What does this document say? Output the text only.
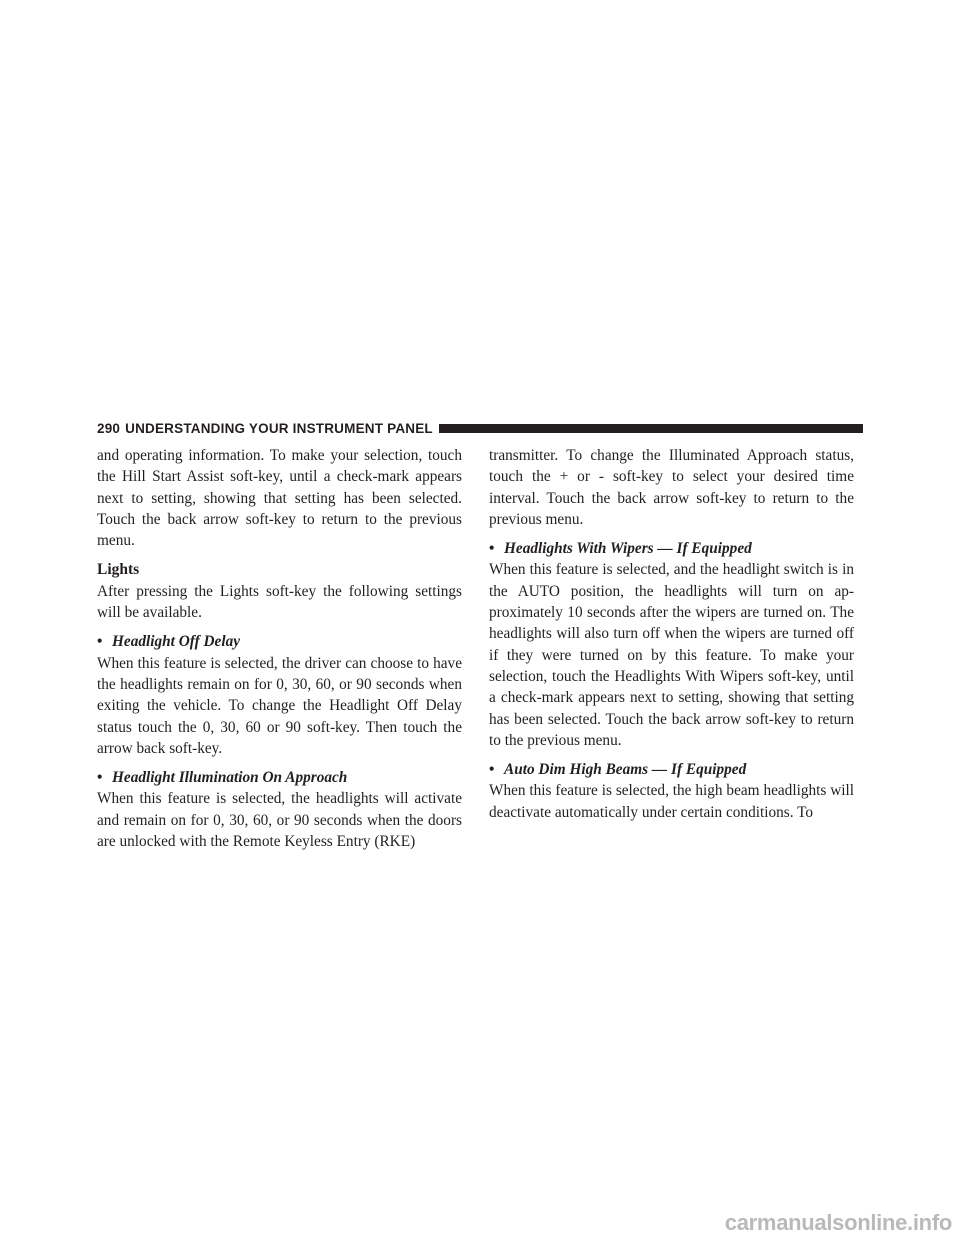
290 UNDERSTANDING YOUR INSTRUMENT PANEL

and operating information. To make your selection, touch the Hill Start Assist soft-key, until a check-mark appears next to setting, showing that setting has been selected. Touch the back arrow soft-key to return to the previous menu.

Lights

After pressing the Lights soft-key the following settings will be available.

• Headlight Off Delay

When this feature is selected, the driver can choose to have the headlights remain on for 0, 30, 60, or 90 seconds when exiting the vehicle. To change the Headlight Off Delay status touch the 0, 30, 60 or 90 soft-key. Then touch the arrow back soft-key.

• Headlight Illumination On Approach

When this feature is selected, the headlights will activate and remain on for 0, 30, 60, or 90 seconds when the doors are unlocked with the Remote Keyless Entry (RKE)

transmitter. To change the Illuminated Approach status, touch the + or - soft-key to select your desired time interval. Touch the back arrow soft-key to return to the previous menu.

• Headlights With Wipers — If Equipped

When this feature is selected, and the headlight switch is in the AUTO position, the headlights will turn on ap-proximately 10 seconds after the wipers are turned on. The headlights will also turn off when the wipers are turned off if they were turned on by this feature. To make your selection, touch the Headlights With Wipers soft-key, until a check-mark appears next to setting, showing that setting has been selected. Touch the back arrow soft-key to return to the previous menu.

• Auto Dim High Beams — If Equipped

When this feature is selected, the high beam headlights will deactivate automatically under certain conditions. To

carmanualsonline.info
